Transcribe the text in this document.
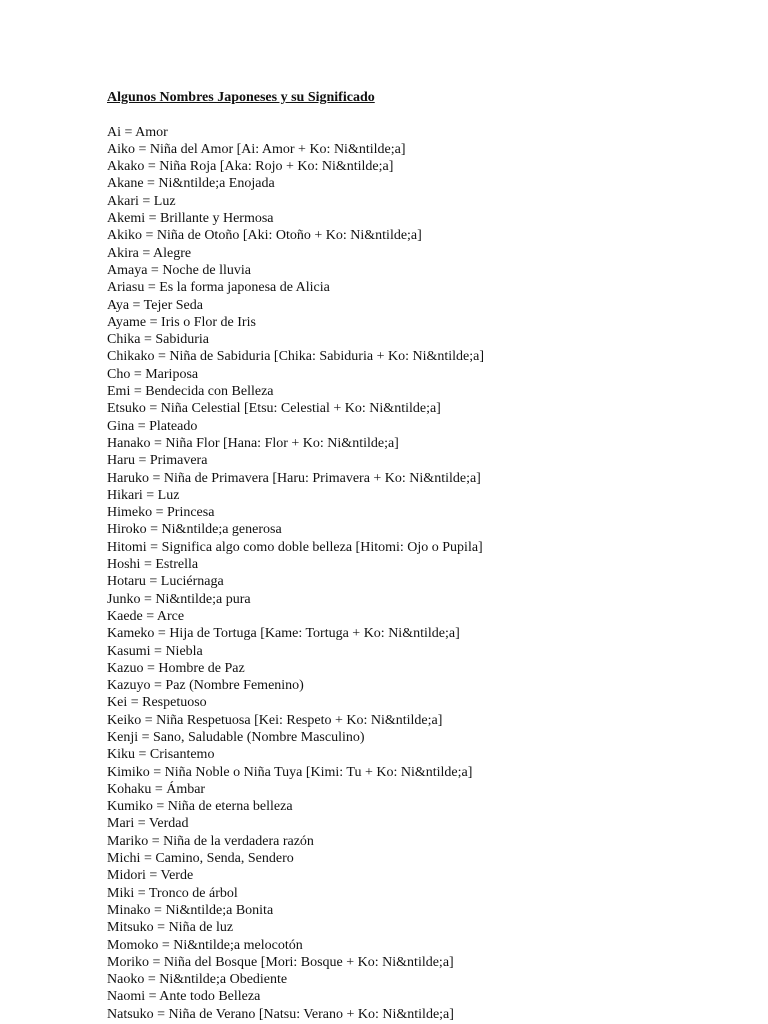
Algunos Nombres Japoneses y su Significado
Ai = Amor
Aiko = Niña del Amor [Ai: Amor + Ko: Ni&ntilde;a]
Akako = Niña Roja [Aka: Rojo + Ko: Ni&ntilde;a]
Akane = Ni&ntilde;a Enojada
Akari = Luz
Akemi = Brillante y Hermosa
Akiko = Niña de Otoño [Aki: Otoño + Ko: Ni&ntilde;a]
Akira = Alegre
Amaya = Noche de lluvia
Ariasu = Es la forma japonesa de Alicia
Aya = Tejer Seda
Ayame = Iris o Flor de Iris
Chika = Sabiduria
Chikako = Niña de Sabiduria [Chika: Sabiduria + Ko: Ni&ntilde;a]
Cho = Mariposa
Emi = Bendecida con Belleza
Etsuko = Niña Celestial [Etsu: Celestial + Ko: Ni&ntilde;a]
Gina = Plateado
Hanako = Niña Flor [Hana: Flor + Ko: Ni&ntilde;a]
Haru = Primavera
Haruko = Niña de Primavera [Haru: Primavera + Ko: Ni&ntilde;a]
Hikari = Luz
Himeko = Princesa
Hiroko = Ni&ntilde;a generosa
Hitomi = Significa algo como doble belleza [Hitomi: Ojo o Pupila]
Hoshi = Estrella
Hotaru = Luciérnaga
Junko = Ni&ntilde;a pura
Kaede = Arce
Kameko = Hija de Tortuga [Kame: Tortuga + Ko: Ni&ntilde;a]
Kasumi = Niebla
Kazuo = Hombre de Paz
Kazuyo = Paz (Nombre Femenino)
Kei = Respetuoso
Keiko = Niña Respetuosa [Kei: Respeto + Ko: Ni&ntilde;a]
Kenji = Sano, Saludable (Nombre Masculino)
Kiku = Crisantemo
Kimiko = Niña Noble o Niña Tuya [Kimi: Tu + Ko: Ni&ntilde;a]
Kohaku = Ámbar
Kumiko = Niña de eterna belleza
Mari = Verdad
Mariko = Niña de la verdadera razón
Michi = Camino, Senda, Sendero
Midori = Verde
Miki = Tronco de árbol
Minako = Ni&ntilde;a Bonita
Mitsuko = Niña de luz
Momoko = Ni&ntilde;a melocotón
Moriko = Niña del Bosque [Mori: Bosque + Ko: Ni&ntilde;a]
Naoko = Ni&ntilde;a Obediente
Naomi = Ante todo Belleza
Natsuko = Niña de Verano [Natsu: Verano + Ko: Ni&ntilde;a]
